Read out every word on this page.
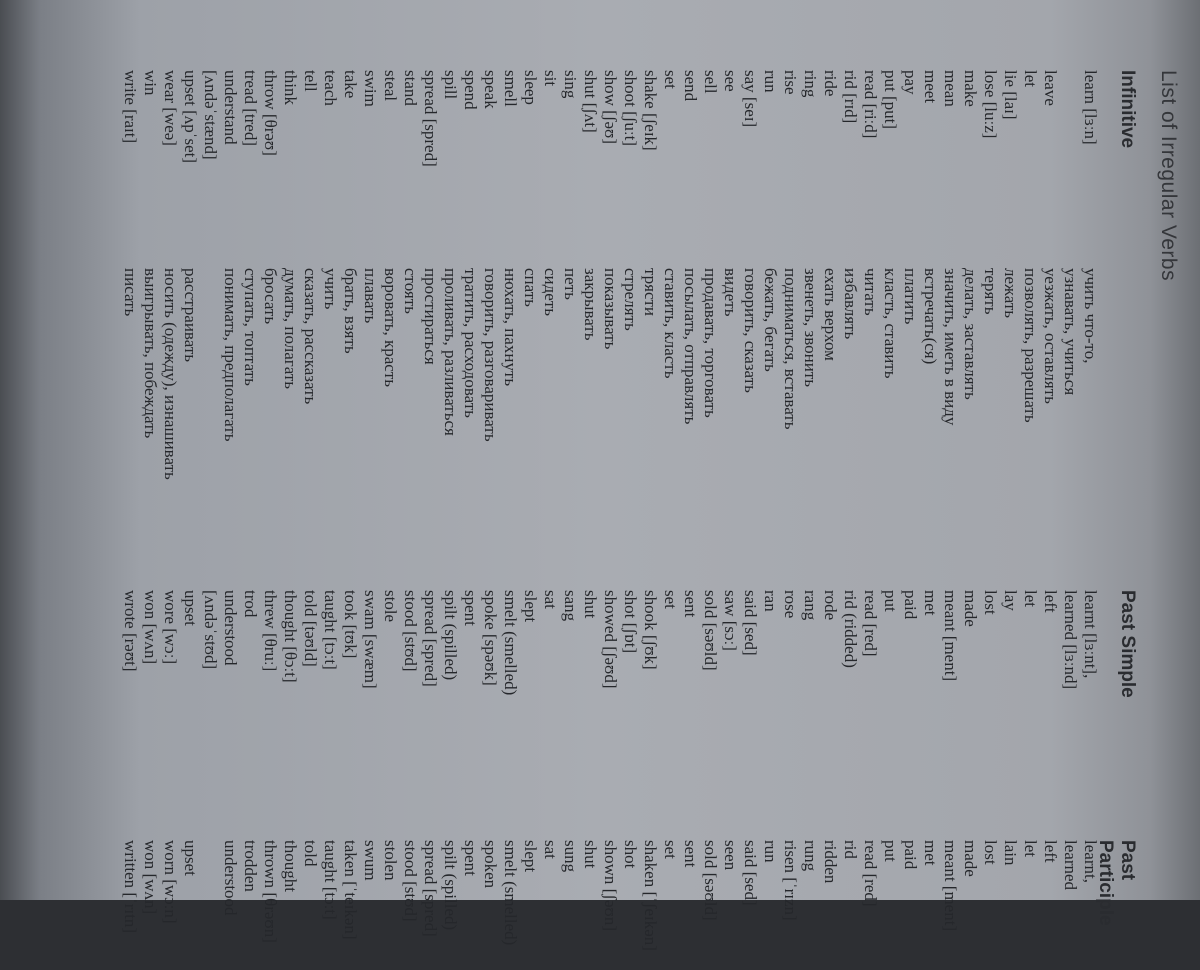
List of Irregular Verbs
Infinitive
Past Simple
Past Participle
learn [lɜːn]
учить что-то,
learnt [lɜːnt],
learnt,
узнавать, учиться
learned [lɜːnd]
learned
leave
уезжать, оставлять
left
left
let
позволять, разрешать
let
let
lie [laɪ]
лежать
lay
lain
lose [luːz]
терять
lost
lost
make
делать, заставлять
made
made
mean
значить, иметь в виду
meant [ment]
meant [ment]
meet
встречать(ся)
met
met
pay
платить
paid
paid
put [put]
класть, ставить
put
put
read [riːd]
читать
read [red]
read [red]
rid [rɪd]
избавлять
rid (ridded)
rid
ride
ехать верхом
rode
ridden
ring
звенеть, звонить
rang
rung
rise
подниматься, вставать
rose
risen [ˈrɪzn]
run
бежать, бегать
ran
run
say [seɪ]
говорить, сказать
said [sed]
said [sed]
see
видеть
saw [sɔː]
seen
sell
продавать, торговать
sold [səʊld]
sold [səʊld]
send
посылать, отправлять
sent
sent
set
ставить, класть
set
set
shake [ʃeɪk]
трясти
shook [ʃʊk]
shaken [ˈʃeɪkən]
shoot [ʃuːt]
стрелять
shot [ʃɒt]
shot
show [ʃəʊ]
показывать
showed [ʃəʊd]
shown [ʃəʊn]
shut [ʃʌt]
закрывать
shut
shut
sing
петь
sang
sung
sit
сидеть
sat
sat
sleep
спать
slept
slept
smell
нюхать, пахнуть
smelt (smelled)
smelt (smelled)
speak
говорить, разговаривать
spoke [spəʊk]
spoken
spend
тратить, расходовать
spent
spent
spill
проливать, разливаться
spilt (spilled)
spilt (spilled)
spread [spred]
простираться
spread [spred]
spread [spred]
stand
стоять
stood [stʊd]
stood [stʊd]
steal
воровать, красть
stole
stolen
swim
плавать
swam [swæm]
swum
take
брать, взять
took [tʊk]
taken [ˈteɪkən]
teach
учить
taught [tɔːt]
taught [tɔːt]
tell
сказать, рассказать
told [təʊld]
told
think
думать, полагать
thought [θɔːt]
thought
throw [θrəʊ]
бросать
threw [θruː]
thrown [θrəʊn]
tread [tred]
ступать, топтать
trod
trodden
understand
понимать, предполагать
understood
understood
[ʌndəˈstænd]
[ʌndəˈstʊd]
upset [ʌpˈset]
расстраивать
upset
upset
wear [weə]
носить (одежду), изнашивать
wore [wɔː]
worn [wɔːn]
win
выигрывать, побеждать
won [wʌn]
won [wʌn]
write [raɪt]
писать
wrote [rəʊt]
written [ˈrɪtn]
